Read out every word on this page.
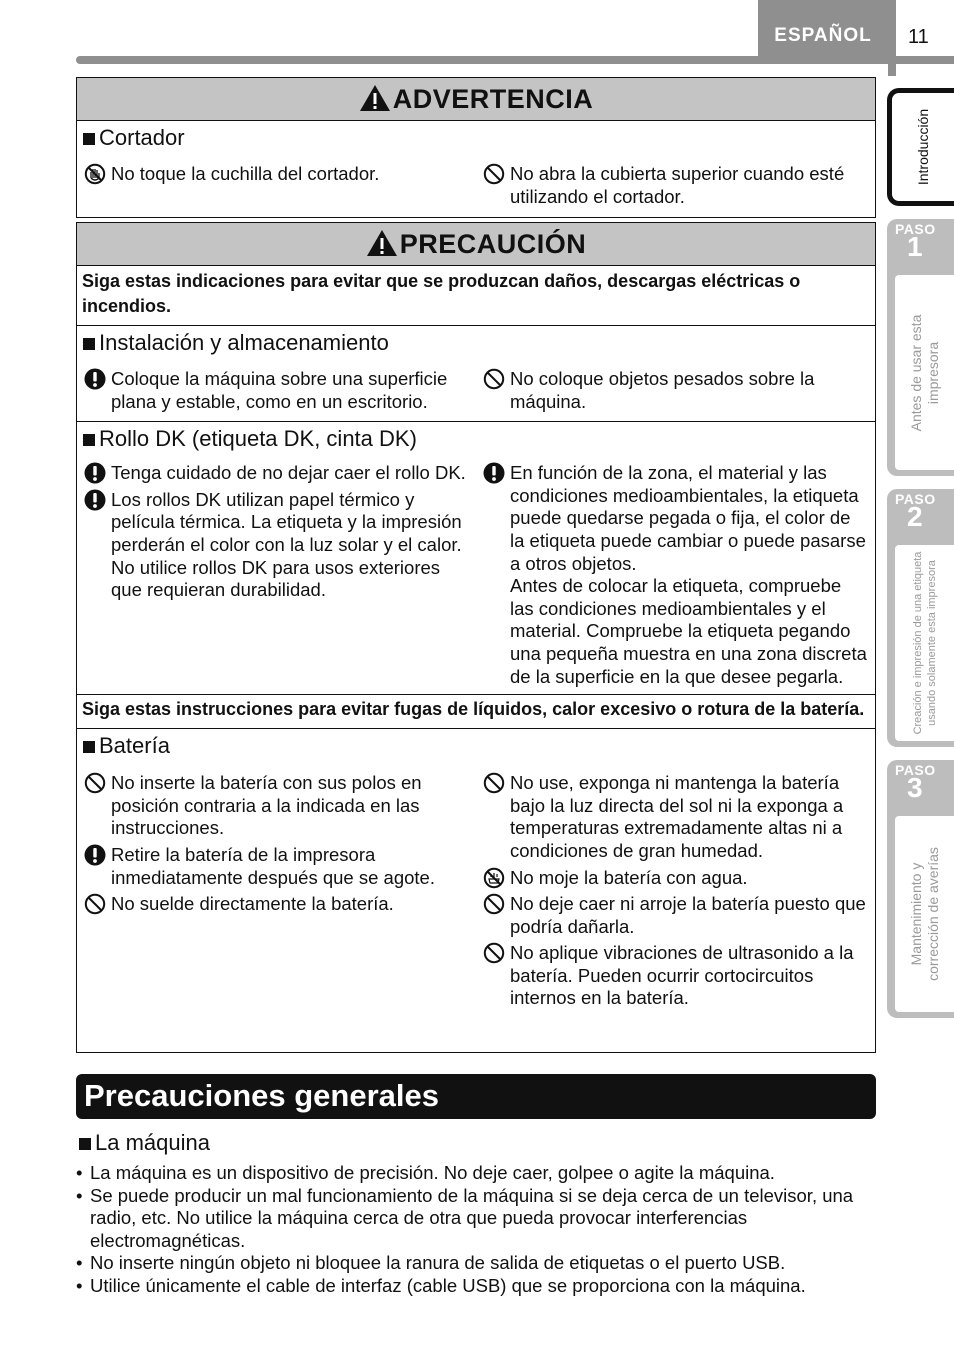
ESPAÑOL	11
Introducción
PASO
1
Antes de usar esta
impresora
PASO
2
Creación e impresión de una etiqueta usando solamente esta impresora
PASO
3
Mantenimiento y
corrección de averías
ADVERTENCIA
Cortador
No toque la cuchilla del cortador.	No abra la cubierta superior cuando esté utilizando el cortador.
PRECAUCIÓN
Siga estas indicaciones para evitar que se produzcan daños, descargas eléctricas o incendios.
Instalación y almacenamiento
Coloque la máquina sobre una superficie plana y estable, como en un escritorio.
No coloque objetos pesados sobre la máquina.
Rollo DK (etiqueta DK, cinta DK)
Tenga cuidado de no dejar caer el rollo DK.
Los rollos DK utilizan papel térmico y película térmica. La etiqueta y la impresión perderán el color con la luz solar y el calor. No utilice rollos DK para usos exteriores que requieran durabilidad.

En función de la zona, el material y las condiciones medioambientales, la etiqueta puede quedarse pegada o fija, el color de la etiqueta puede cambiar o puede pasarse a otros objetos.

Antes de colocar la etiqueta, compruebe las condiciones medioambientales y el material. Compruebe la etiqueta pegando una pequeña muestra en una zona discreta de la superficie en la que desee pegarla.

Siga estas instrucciones para evitar fugas de líquidos, calor excesivo o rotura de la batería.
Batería
No inserte la batería con sus polos en posición contraria a la indicada en las instrucciones.
Retire la batería de la impresora inmediatamente después que se agote.
No suelde directamente la batería.
No use, exponga ni mantenga la batería bajo la luz directa del sol ni la exponga a temperaturas extremadamente altas ni a condiciones de gran humedad.
No moje la batería con agua.
No deje caer ni arroje la batería puesto que podría dañarla.
No aplique vibraciones de ultrasonido a la batería. Pueden ocurrir cortocircuitos internos en la batería.
Precauciones generales
La máquina
• La máquina es un dispositivo de precisión. No deje caer, golpee o agite la máquina.
• Se puede producir un mal funcionamiento de la máquina si se deja cerca de un televisor, una radio, etc. No utilice la máquina cerca de otra que pueda provocar interferencias electromagnéticas.
• No inserte ningún objeto ni bloquee la ranura de salida de etiquetas o el puerto USB.
• Utilice únicamente el cable de interfaz (cable USB) que se proporciona con la máquina.
